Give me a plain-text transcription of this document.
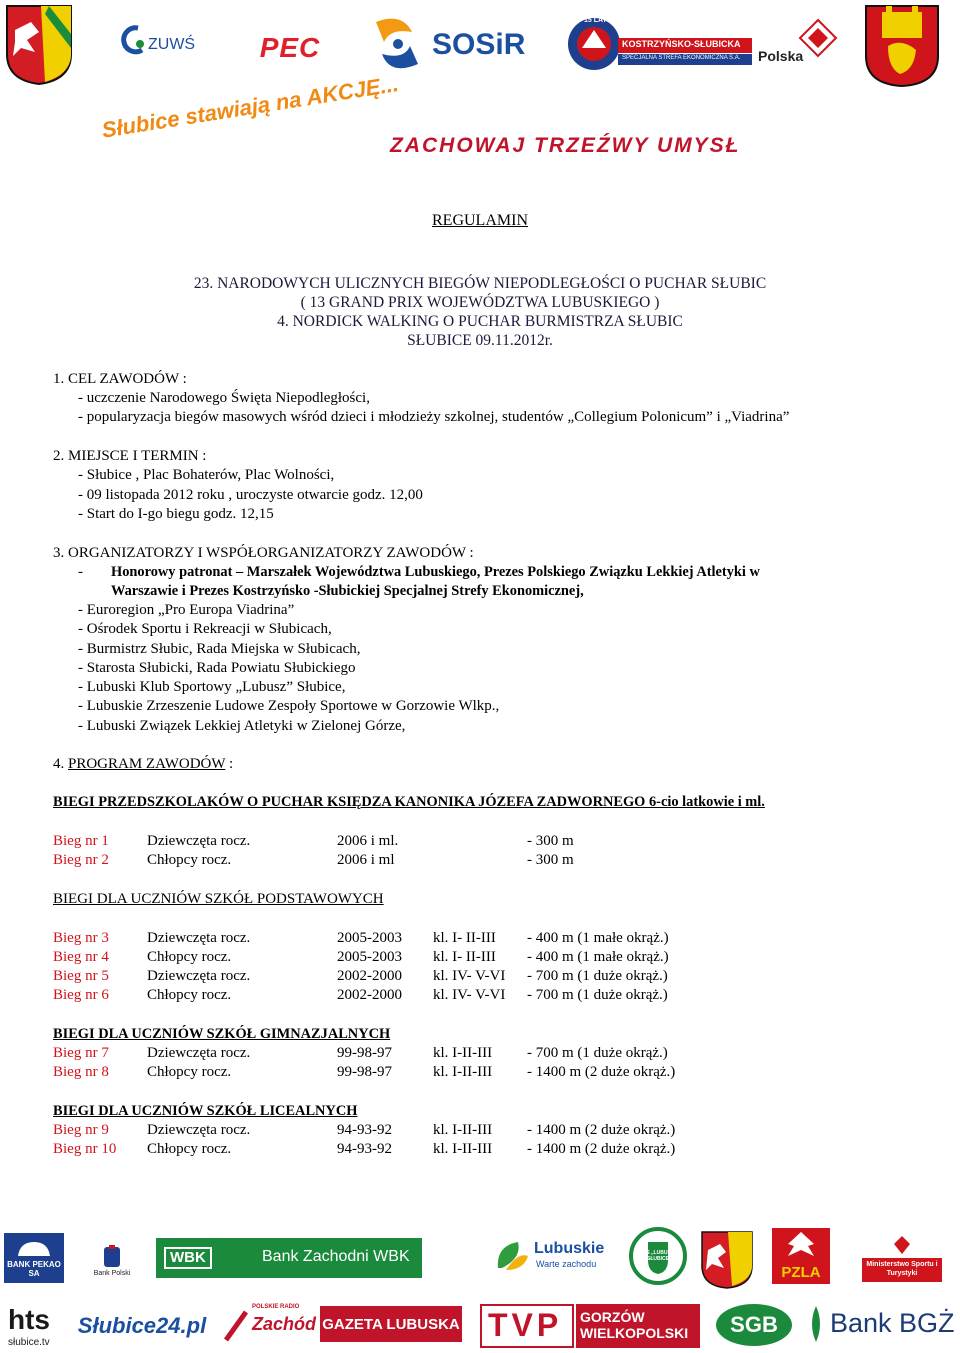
ZUWŚ PEC	SOSiR
15 LAT
KOSTRZYŃSKO-SŁUBICKA
SPECJALNA STREFA EKONOMICZNA S.A. Polska
Słubice stawiają na AKCJĘ...
ZACHOWAJ TRZEŹWY UMYSŁ
REGULAMIN
23. NARODOWYCH ULICZNYCH BIEGÓW NIEPODLEGŁOŚCI O PUCHAR SŁUBIC
( 13 GRAND PRIX WOJEWÓDZTWA LUBUSKIEGO )
4. NORDICK WALKING O PUCHAR BURMISTRZA SŁUBIC
SŁUBICE 09.11.2012r.
1. CEL ZAWODÓW :
- uczczenie Narodowego Święta Niepodległości,
- popularyzacja biegów masowych wśród dzieci i młodzieży szkolnej, studentów „Collegium Polonicum” i „Viadrina”
2. MIEJSCE I TERMIN :
- Słubice , Plac Bohaterów, Plac Wolności,
- 09 listopada 2012 roku , uroczyste otwarcie godz. 12,00
- Start do I-go biegu godz. 12,15
3. ORGANIZATORZY I WSPÓŁORGANIZATORZY ZAWODÓW :
- Honorowy patronat – Marszałek Województwa Lubuskiego, Prezes Polskiego Związku Lekkiej Atletyki w
Warszawie i Prezes Kostrzyńsko -Słubickiej Specjalnej Strefy Ekonomicznej,
- Euroregion „Pro Europa Viadrina”
- Ośrodek Sportu i Rekreacji w Słubicach,
- Burmistrz Słubic, Rada Miejska w Słubicach,
- Starosta Słubicki, Rada Powiatu Słubickiego
- Lubuski Klub Sportowy „Lubusz” Słubice,
- Lubuskie Zrzeszenie Ludowe Zespoły Sportowe w Gorzowie Wlkp.,
- Lubuski Związek Lekkiej Atletyki w Zielonej Górze,
4. PROGRAM ZAWODÓW :
BIEGI PRZEDSZKOLAKÓW O PUCHAR KSIĘDZA KANONIKA JÓZEFA ZADWORNEGO 6-cio latkowie i ml.
Bieg nr 1	Dziewczęta rocz.	2006 i ml.	- 300 m
Bieg nr 2	Chłopcy rocz.	2006 i ml	- 300 m
BIEGI DLA UCZNIÓW SZKÓŁ PODSTAWOWYCH
Bieg nr 3	Dziewczęta rocz.	2005-2003 kl. I- II-III - 400 m (1 małe okrąż.)
Bieg nr 4	Chłopcy rocz.	2005-2003 kl. I- II-III - 400 m (1 małe okrąż.)
Bieg nr 5	Dziewczęta rocz.	2002-2000 kl. IV- V-VI - 700 m (1 duże okrąż.)
Bieg nr 6	Chłopcy rocz.	2002-2000 kl. IV- V-VI - 700 m (1 duże okrąż.)
BIEGI DLA UCZNIÓW SZKÓŁ GIMNAZJALNYCH
Bieg nr 7	Dziewczęta rocz.	99-98-97	kl. I-II-III - 700 m (1 duże okrąż.)
Bieg nr 8	Chłopcy rocz.	99-98-97	kl. I-II-III - 1400 m (2 duże okrąż.)
BIEGI DLA UCZNIÓW SZKÓŁ LICEALNYCH
Bieg nr 9	Dziewczęta rocz.	94-93-92	kl. I-II-III - 1400 m (2 duże okrąż.)
Bieg nr 10 Chłopcy rocz.	94-93-92	kl. I-II-III - 1400 m (2 duże okrąż.)
BANK PEKAO SA	Bank Polski
WBK	Bank Zachodni WBK	Lubuskie
Warte zachodu
LKS „LUBUSZ” SŁUBICE
PZLA	Ministerstwo Sportu i Turystyki
hts
słubice.tv
Słubice24.pl
POLSKIE RADIO
Zachód GAZETA LUBUSKA TVP GORZÓW WIELKOPOLSKI	SGB	Bank BGŻ
